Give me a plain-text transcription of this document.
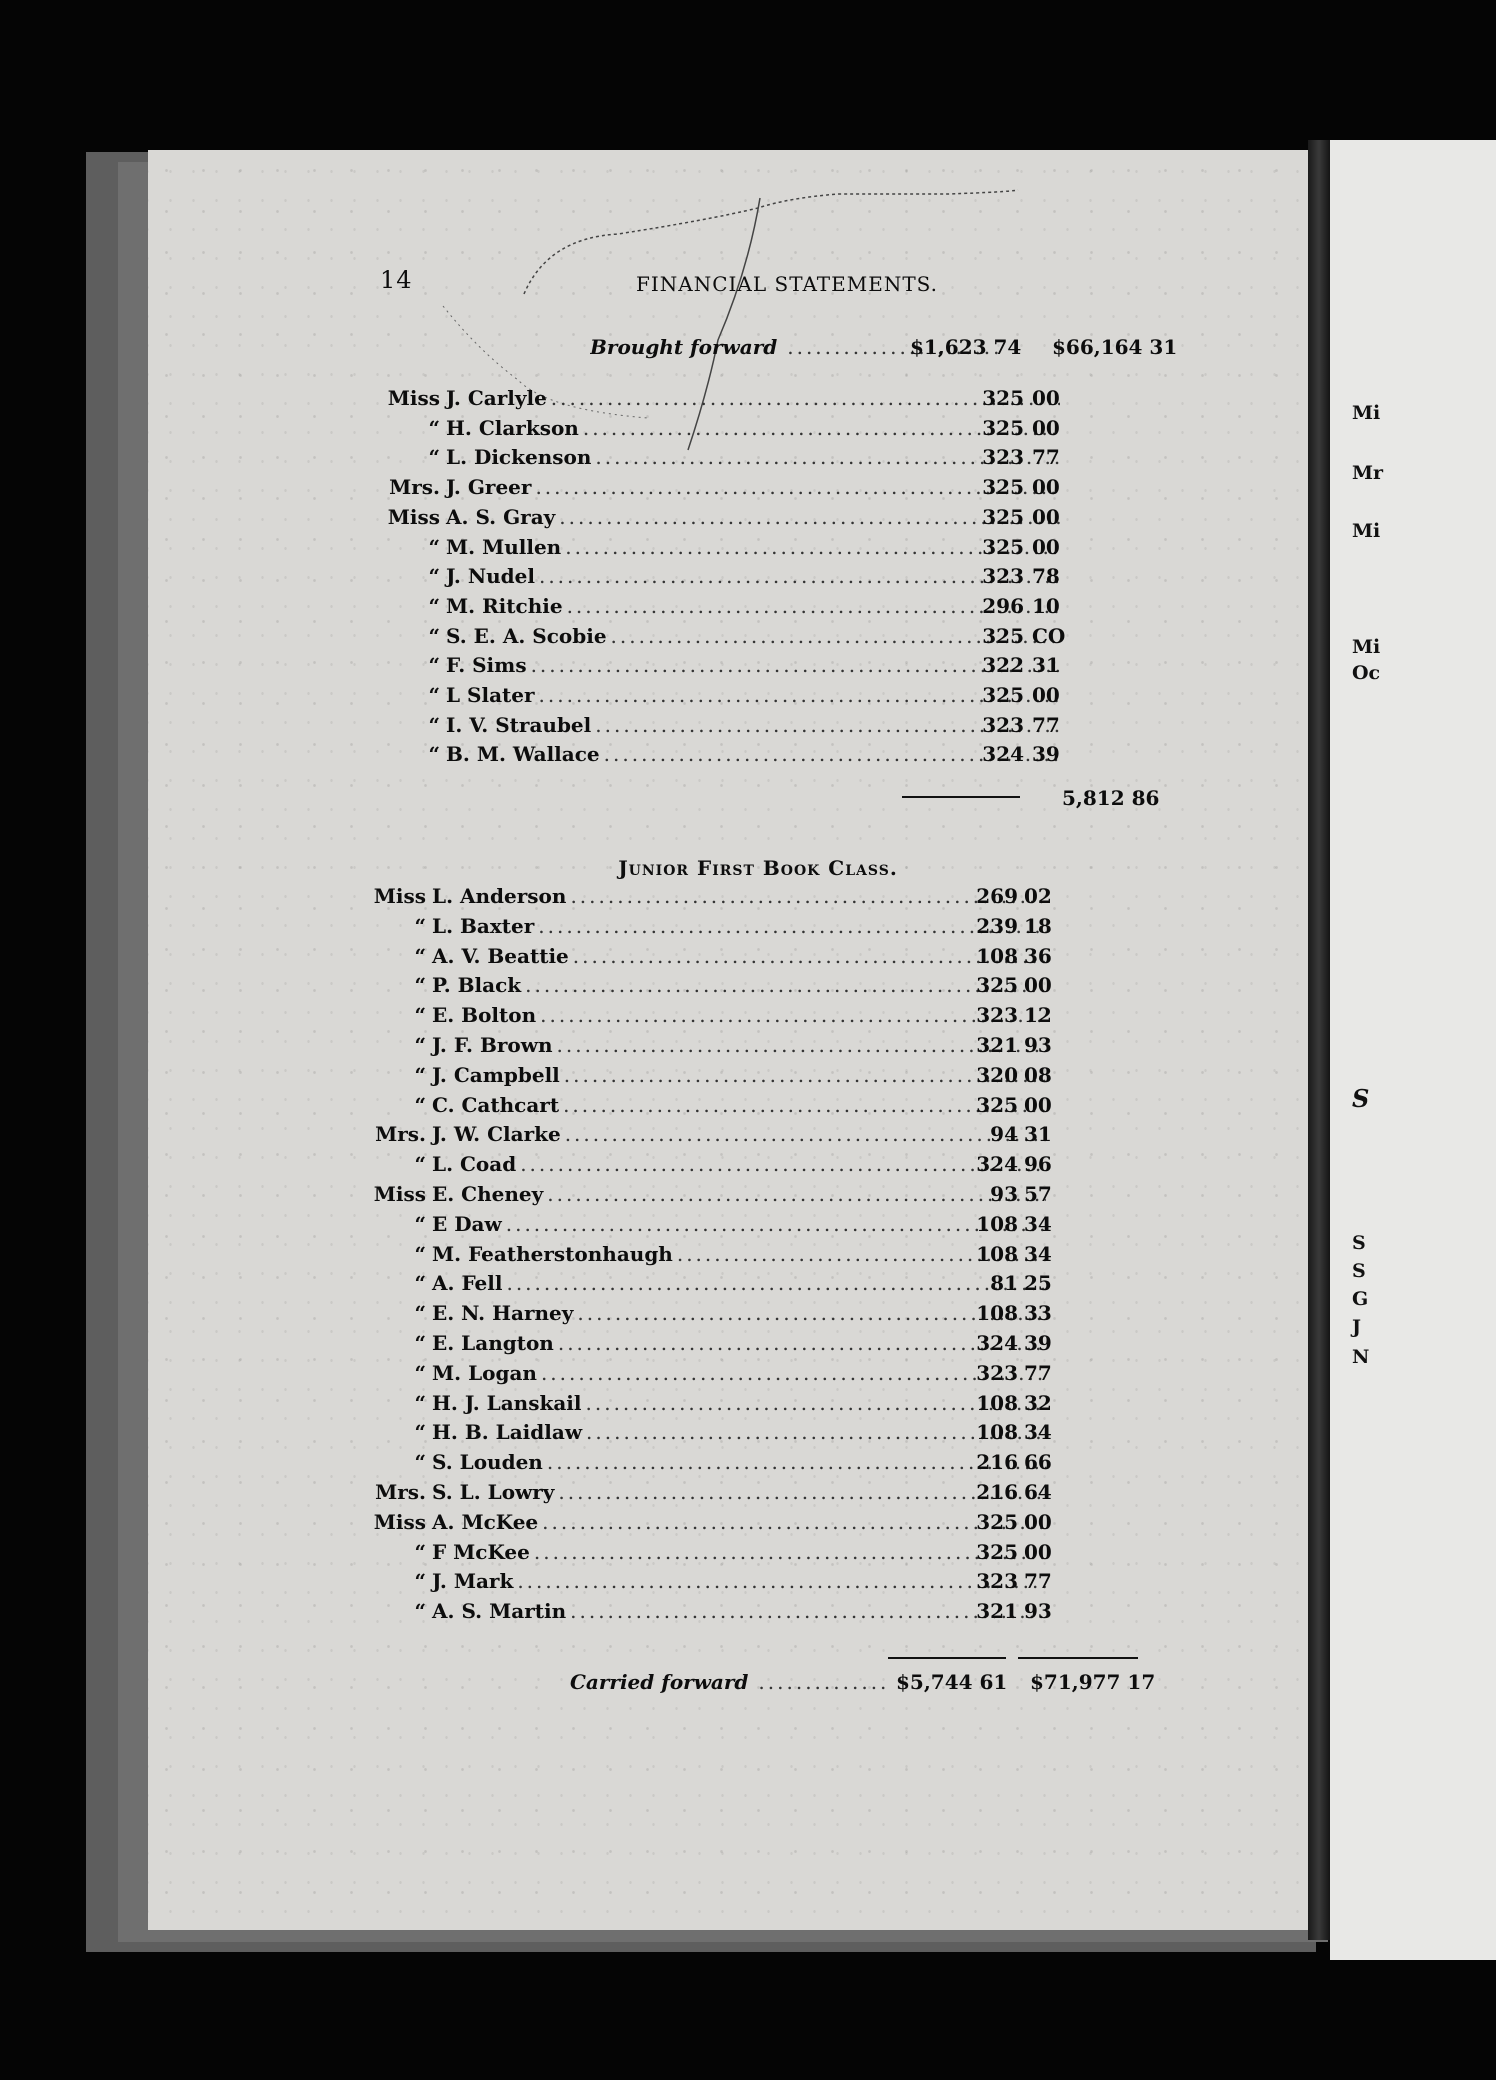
14	FINANCIAL STATEMENTS.
Brought forward .....	$1,623 74 $66,164 31
Miss J. Carlyle .....	325 00
“ H. Clarkson .....	325 00
“ L. Dickenson .....	323 77
Mrs. J. Greer .....	325 00
Miss A. S. Gray .....	325 00
“ M. Mullen .....	325 00
“ J. Nudel .....	323 78
“ M. Ritchie .....	296 10
“ S. E. A. Scobie .....	325 CO
“ F. Sims .....	322 31
“ L Slater .....	325 00
“ I. V. Straubel .....	323 77
“ B. M. Wallace .....	324 39
5,812 86
Junior First Book Class.
Miss L. Anderson .....	269 02
“ L. Baxter .....	239 18
“ A. V. Beattie .....	108 36
“ P. Black .....	325 00
“ E. Bolton .....	323 12
“ J. F. Brown .....	321 93
“ J. Campbell .....	320 08
“ C. Cathcart .....	325 00
Mrs. J. W. Clarke .....	94 31
“ L. Coad .....	324 96
Miss E. Cheney .....	93 57
“ E Daw .....	108 34
“ M. Featherstonhaugh .....	108 34
“ A. Fell .....	81 25
“ E. N. Harney .....	108 33
“ E. Langton .....	324 39
“ M. Logan .....	323 77
“ H. J. Lanskail .....	108 32
“ H. B. Laidlaw .....	108 34
“ S. Louden .....	216 66
Mrs. S. L. Lowry .....	216 64
Miss A. McKee .....	325 00
“ F McKee .....	325 00
“ J. Mark .....	323 77
“ A. S. Martin .....	321 93
Carried forward .....	$5,744 61 $71,977 17
Mi
Mr
Mi
Mi
Oc
S
S
S
G
J
N
